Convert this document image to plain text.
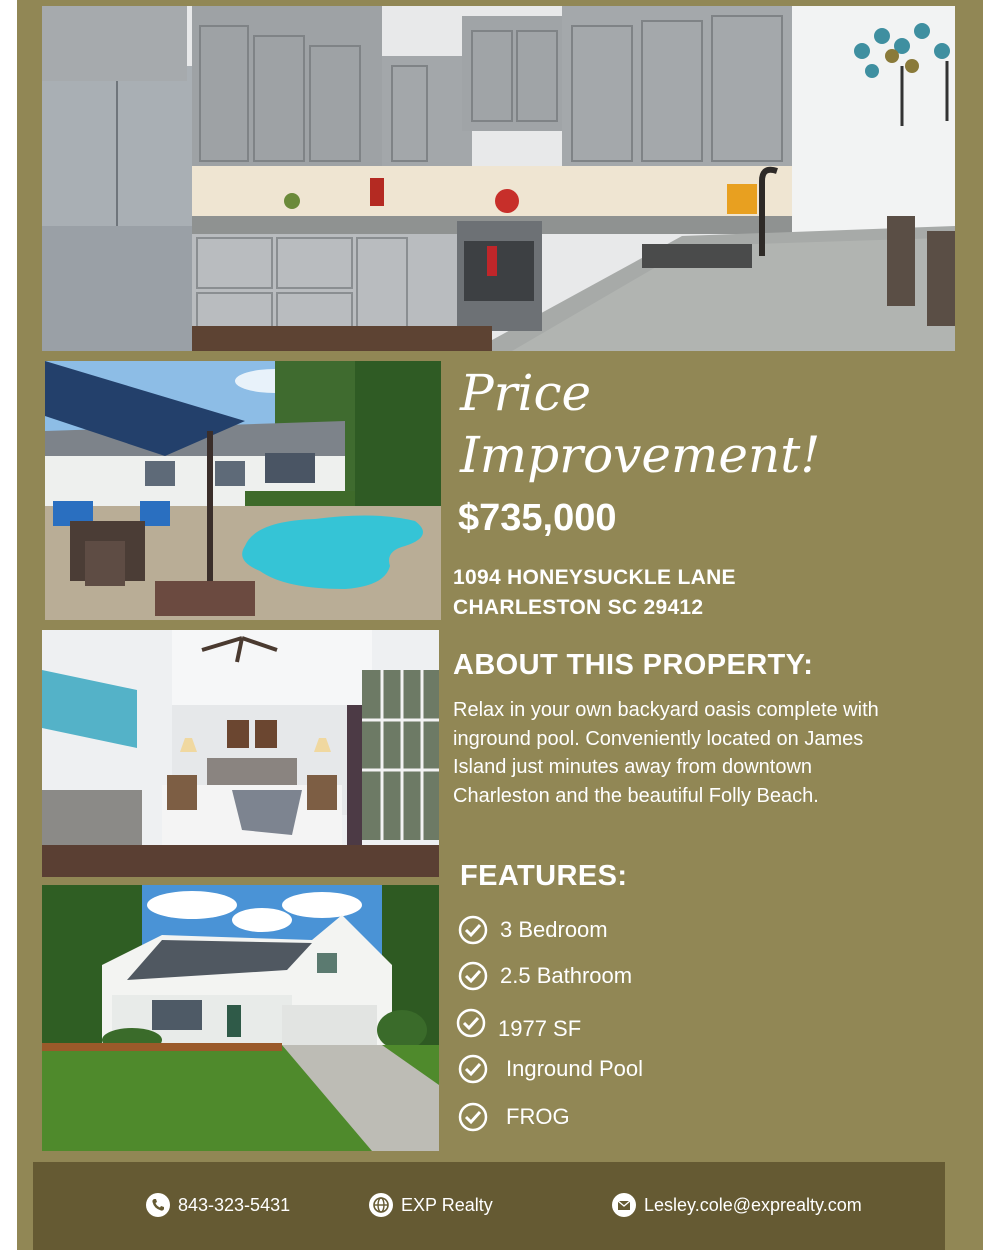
Price Improvement!
$735,000
1094 HONEYSUCKLE LANE
CHARLESTON SC 29412
ABOUT THIS PROPERTY:
Relax in your own backyard oasis complete with inground pool. Conveniently located on James Island just minutes away from downtown Charleston and the beautiful Folly Beach.
FEATURES:
3 Bedroom
2.5 Bathroom
1977 SF
Inground Pool
FROG
843-323-5431	EXP Realty	Lesley.cole@exprealty.com
